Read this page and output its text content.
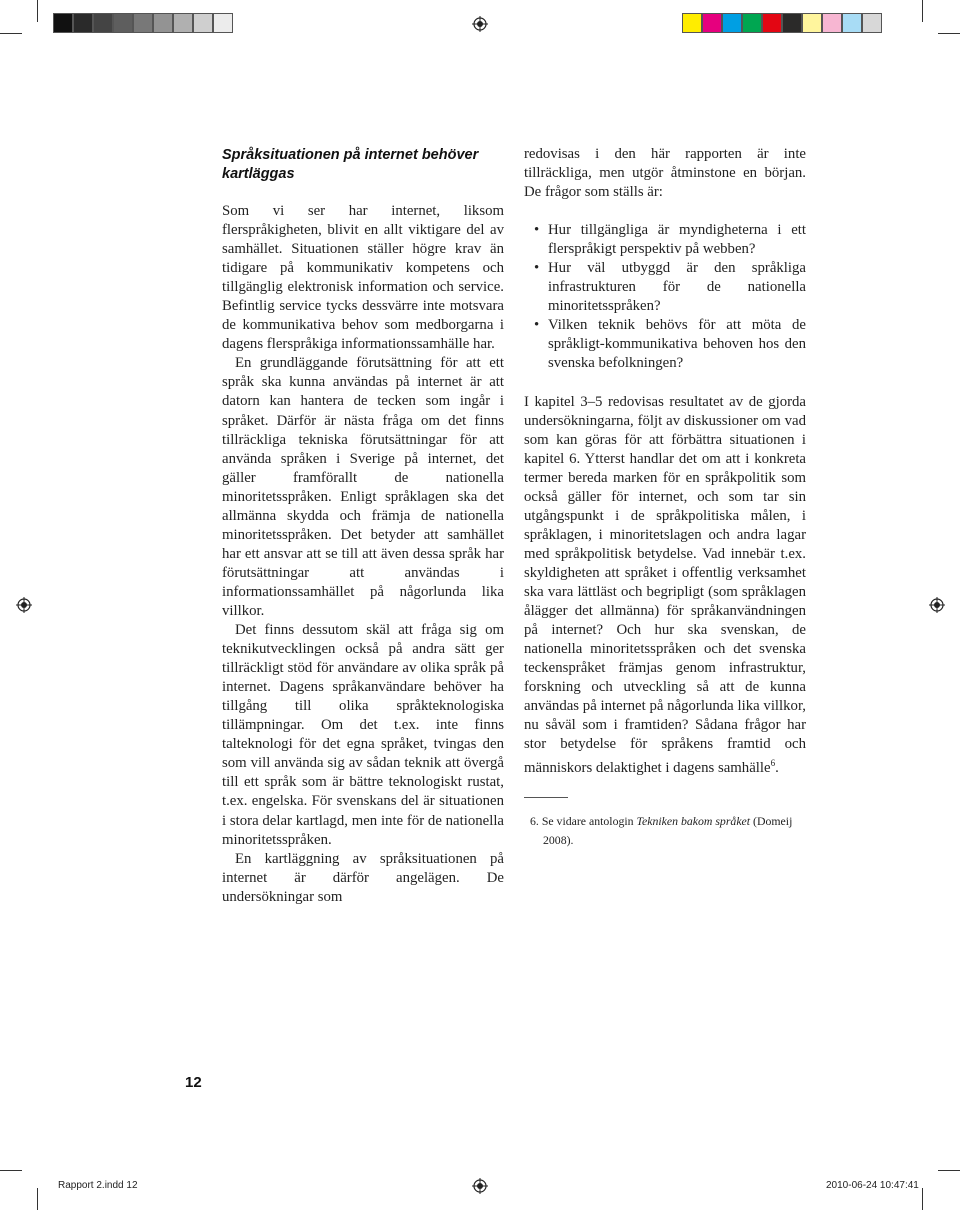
Språksituationen på internet behöver kartläggas

Som vi ser har internet, liksom flerspråkigheten, blivit en allt viktigare del av samhället. Situationen ställer högre krav än tidigare på kommunikativ kompetens och tillgänglig elektronisk information och service. Befintlig service tycks dessvärre inte motsvara de kommunikativa behov som medborgarna i dagens flerspråkiga informationssamhälle har.

En grundläggande förutsättning för att ett språk ska kunna användas på internet är att datorn kan hantera de tecken som ingår i språket. Därför är nästa fråga om det finns tillräckliga tekniska förutsättningar för att använda språken i Sverige på internet, det gäller framförallt de nationella minoritetsspråken. Enligt språklagen ska det allmänna skydda och främja de nationella minoritetsspråken. Det betyder att samhället har ett ansvar att se till att även dessa språk har förutsättningar att användas i informationssamhället på någorlunda lika villkor.

Det finns dessutom skäl att fråga sig om teknikutvecklingen också på andra sätt ger tillräckligt stöd för användare av olika språk på internet. Dagens språkanvändare behöver ha tillgång till olika språkteknologiska tillämpningar. Om det t.ex. inte finns talteknologi för det egna språket, tvingas den som vill använda sig av sådan teknik att övergå till ett språk som är bättre teknologiskt rustat, t.ex. engelska. För svenskans del är situationen i stora delar kartlagd, men inte för de nationella minoritetsspråken.

En kartläggning av språksituationen på internet är därför angelägen. De undersökningar som

redovisas i den här rapporten är inte tillräckliga, men utgör åtminstone en början. De frågor som ställs är:

• Hur tillgängliga är myndigheterna i ett flerspråkigt perspektiv på webben?
• Hur väl utbyggd är den språkliga infrastrukturen för de nationella minoritetsspråken?
• Vilken teknik behövs för att möta de språkligt-kommunikativa behoven hos den svenska befolkningen?

I kapitel 3–5 redovisas resultatet av de gjorda undersökningarna, följt av diskussioner om vad som kan göras för att förbättra situationen i kapitel 6. Ytterst handlar det om att i konkreta termer beredа marken för en språkpolitik som också gäller för internet, och som tar sin utgångspunkt i de språkpolitiska målen, i språklagen, i minoritetslagen och andra lagar med språkpolitisk betydelse. Vad innebär t.ex. skyldigheten att språket i offentlig verksamhet ska vara lättläst och begripligt (som språklagen ålägger det allmänna) för språkanvändningen på internet? Och hur ska svenskan, de nationella minoritetsspråken och det svenska teckenspråket främjas genom infrastruktur, forskning och utveckling så att de kunna användas på internet på någorlunda lika villkor, nu såväl som i framtiden? Sådana frågor har stor betydelse för språkens framtid och människors delaktighet i dagens samhälle$^6$.

6. Se vidare antologin Tekniken bakom språket (Domeij
2008).
12
Rapport 2.indd 12	2010-06-24 10:47:41
